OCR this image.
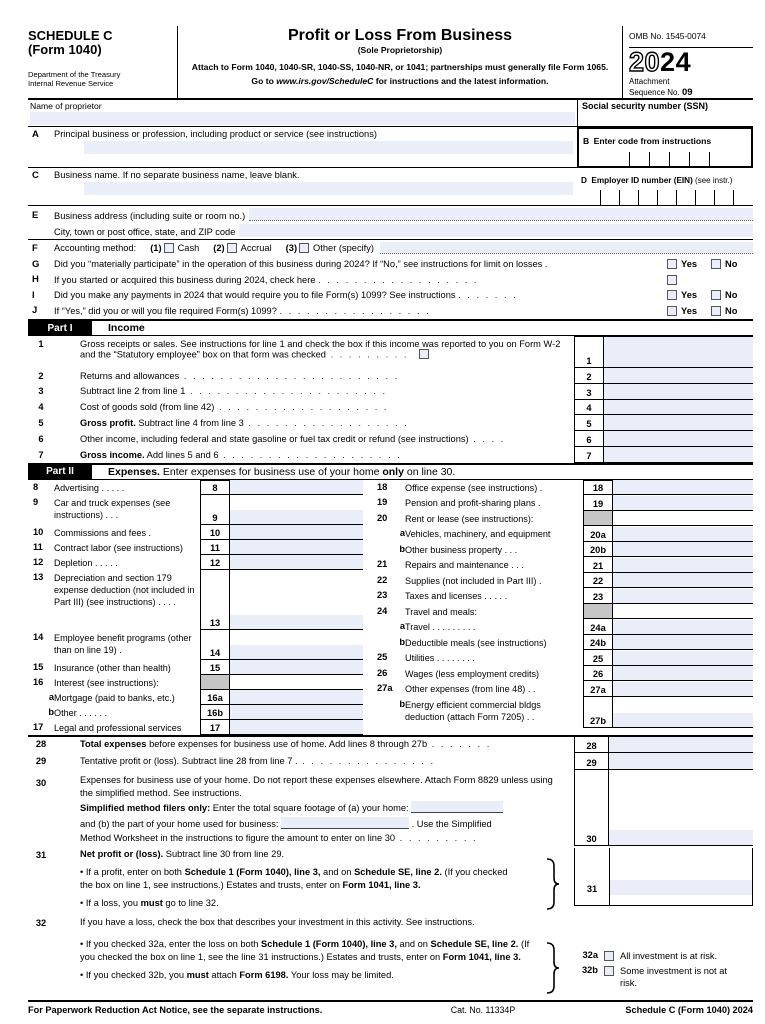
SCHEDULE C
(Form 1040)
Department of the Treasury
Internal Revenue Service
Profit or Loss From Business
(Sole Proprietorship)
Attach to Form 1040, 1040-SR, 1040-SS, 1040-NR, or 1041; partnerships must generally file Form 1065.
Go to www.irs.gov/ScheduleC for instructions and the latest information.
OMB No. 1545-0074
2024
Attachment
Sequence No. 09
Name of proprietor	Social security number (SSN)
A	Principal business or profession, including product or service (see instructions)
B Enter code from instructions
C	Business name. If no separate business name, leave blank.
D Employer ID number (EIN) (see instr.)
E	Business address (including suite or room no.)
City, town or post office, state, and ZIP code
F	Accounting method: (1) Cash (2) Accrual (3) Other (specify)
G	Did you “materially participate” in the operation of this business during 2024? If “No,” see instructions for limit on losses .	Yes	No
H	If you started or acquired this business during 2024, check here . . . . . . . . . . . . . . . . . .
I	Did you make any payments in 2024 that would require you to file Form(s) 1099? See instructions . . . . . . .	Yes	No
J	If “Yes,” did you or will you file required Form(s) 1099? . . . . . . . . . . . . . . . . .	Yes	No
Part I	Income
1	Gross receipts or sales. See instructions for line 1 and check the box if this income was reported to you on Form W-2 and the “Statutory employee” box on that form was checked . . . . . . . . .
1
2	Returns and allowances . . . . . . . . . . . . . . . . . . . . . . . .	2
3	Subtract line 2 from line 1 . . . . . . . . . . . . . . . . . . . . . .	3
4	Cost of goods sold (from line 42) . . . . . . . . . . . . . . . . . . .	4
5	Gross profit. Subtract line 4 from line 3 . . . . . . . . . . . . . . . . . .	5
6	Other income, including federal and state gasoline or fuel tax credit or refund (see instructions) . . . .	6
7	Gross income. Add lines 5 and 6 . . . . . . . . . . . . . . . . . . . .	7
Part II	Expenses. Enter expenses for business use of your home only on line 30.
8	Advertising . . . . .	8
9	Car and truck expenses (see instructions) . . .	9
10	Commissions and fees .	10
11	Contract labor (see instructions)	11
12	Depletion . . . . .	12
13	Depreciation and section 179 expense deduction (not included in Part III) (see instructions) . . . .
13
14	Employee benefit programs (other than on line 19) .	14
15	Insurance (other than health)	15
16	Interest (see instructions):
a Mortgage (paid to banks, etc.)	16a
b Other . . . . . .	16b
17	Legal and professional services	17
18	Office expense (see instructions) .	18
19	Pension and profit-sharing plans .	19
20	Rent or lease (see instructions):
a Vehicles, machinery, and equipment	20a
b Other business property . . .	20b
21	Repairs and maintenance . . .	21
22	Supplies (not included in Part III) .	22
23	Taxes and licenses . . . . .	23
24	Travel and meals:
a Travel . . . . . . . . .	24a
b Deductible meals (see instructions)	24b
25	Utilities . . . . . . . .	25
26	Wages (less employment credits)	26
27a	Other expenses (from line 48) . .	27a
b Energy efficient commercial bldgs deduction (attach Form 7205) . .	27b
28	Total expenses before expenses for business use of home. Add lines 8 through 27b . . . . . . .	28
29	Tentative profit or (loss). Subtract line 28 from line 7 . . . . . . . . . . . . . . . .	29
30	Expenses for business use of your home. Do not report these expenses elsewhere. Attach Form 8829 unless using the simplified method. See instructions.
Simplified method filers only: Enter the total square footage of (a) your home:
and (b) the part of your home used for business:	. Use the Simplified
Method Worksheet in the instructions to figure the amount to enter on line 30 . . . . . . . . .	30
31	Net profit or (loss). Subtract line 30 from line 29.
• If a profit, enter on both Schedule 1 (Form 1040), line 3, and on Schedule SE, line 2. (If you checked the box on line 1, see instructions.) Estates and trusts, enter on Form 1041, line 3.
• If a loss, you must go to line 32.
31
32	If you have a loss, check the box that describes your investment in this activity. See instructions.
• If you checked 32a, enter the loss on both Schedule 1 (Form 1040), line 3, and on Schedule SE, line 2. (If you checked the box on line 1, see the line 31 instructions.) Estates and trusts, enter on Form 1041, line 3.
• If you checked 32b, you must attach Form 6198. Your loss may be limited.
32a All investment is at risk.
32b Some investment is not at risk.
For Paperwork Reduction Act Notice, see the separate instructions.	Cat. No. 11334P	Schedule C (Form 1040) 2024
